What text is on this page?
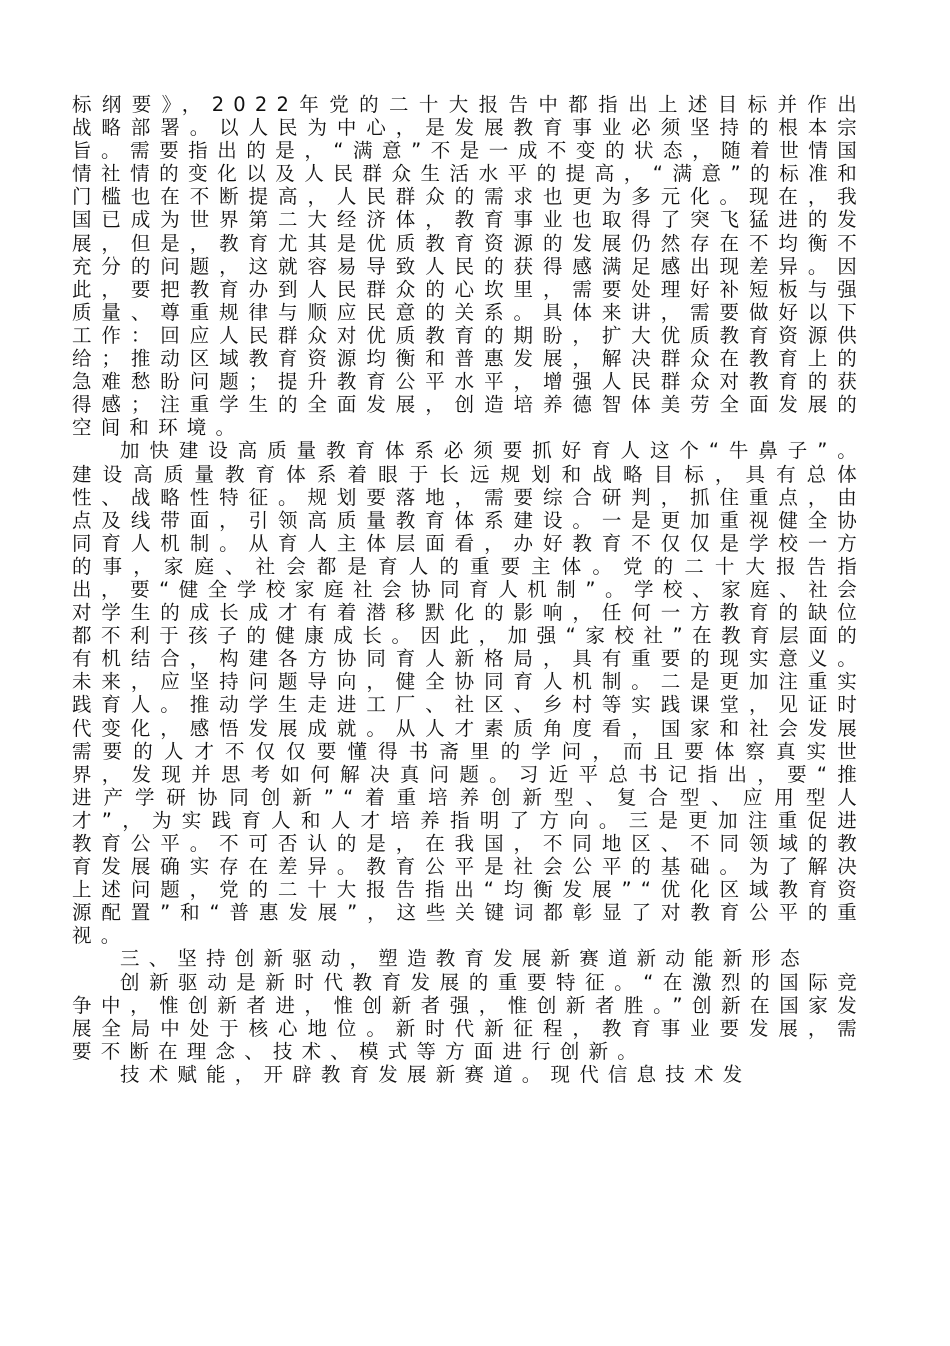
标纲要》，2022年党的二十大报告中都指出上述目标并作出战略部署。以人民为中心，是发展教育事业必须坚持的根本宗旨。需要指出的是，“满意”不是一成不变的状态，随着世情国情社情的变化以及人民群众生活水平的提高，“满意”的标准和门槛也在不断提高，人民群众的需求也更为多元化。现在，我国已成为世界第二大经济体，教育事业也取得了突飞猛进的发展，但是，教育尤其是优质教育资源的发展仍然存在不均衡不充分的问题，这就容易导致人民的获得感满足感出现差异。因此，要把教育办到人民群众的心坎里，需要处理好补短板与强质量、尊重规律与顺应民意的关系。具体来讲，需要做好以下工作：回应人民群众对优质教育的期盼，扩大优质教育资源供给；推动区域教育资源均衡和普惠发展，解决群众在教育上的急难愁盼问题；提升教育公平水平，增强人民群众对教育的获得感；注重学生的全面发展，创造培养德智体美劳全面发展的空间和环境。

加快建设高质量教育体系必须要抓好育人这个“牛鼻子”。建设高质量教育体系着眼于长远规划和战略目标，具有总体性、战略性特征。规划要落地，需要综合研判，抓住重点，由点及线带面，引领高质量教育体系建设。一是更加重视健全协同育人机制。从育人主体层面看，办好教育不仅仅是学校一方的事，家庭、社会都是育人的重要主体。党的二十大报告指出，要“健全学校家庭社会协同育人机制”。学校、家庭、社会对学生的成长成才有着潜移默化的影响，任何一方教育的缺位都不利于孩子的健康成长。因此，加强“家校社”在教育层面的有机结合，构建各方协同育人新格局，具有重要的现实意义。未来，应坚持问题导向，健全协同育人机制。二是更加注重实践育人。推动学生走进工厂、社区、乡村等实践课堂，见证时代变化，感悟发展成就。从人才素质角度看，国家和社会发展需要的人才不仅仅要懂得书斋里的学问，而且要体察真实世界，发现并思考如何解决真问题。习近平总书记指出，要“推进产学研协同创新”“着重培养创新型、复合型、应用型人才”，为实践育人和人才培养指明了方向。三是更加注重促进教育公平。不可否认的是，在我国，不同地区、不同领域的教育发展确实存在差异。教育公平是社会公平的基础。为了解决上述问题，党的二十大报告指出“均衡发展”“优化区域教育资源配置”和“普惠发展”，这些关键词都彰显了对教育公平的重视。

三、坚持创新驱动，塑造教育发展新赛道新动能新形态

创新驱动是新时代教育发展的重要特征。“在激烈的国际竞争中，惟创新者进，惟创新者强，惟创新者胜。”创新在国家发展全局中处于核心地位。新时代新征程，教育事业要发展，需要不断在理念、技术、模式等方面进行创新。

技术赋能，开辟教育发展新赛道。现代信息技术发
